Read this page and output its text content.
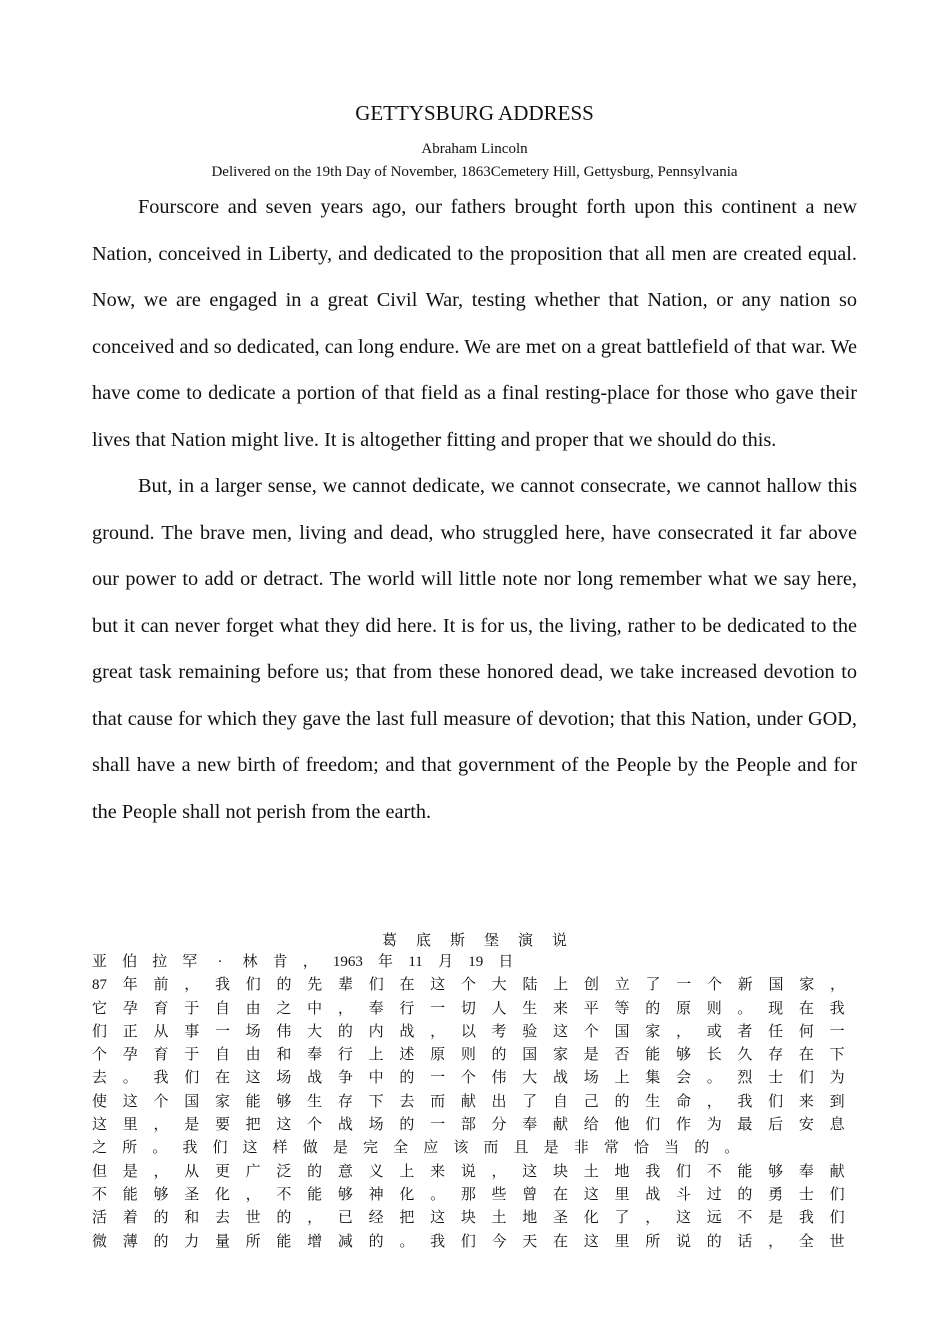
GETTYSBURG ADDRESS
Abraham Lincoln
Delivered on the 19th Day of November, 1863Cemetery Hill, Gettysburg, Pennsylvania

Fourscore and seven years ago, our fathers brought forth upon this continent a new Nation, conceived in Liberty, and dedicated to the proposition that all men are created equal. Now, we are engaged in a great Civil War, testing whether that Nation, or any nation so conceived and so dedicated, can long endure. We are met on a great battlefield of that war. We have come to dedicate a portion of that field as a final resting-place for those who gave their lives that Nation might live. It is altogether fitting and proper that we should do this.

But, in a larger sense, we cannot dedicate, we cannot consecrate, we cannot hallow this ground. The brave men, living and dead, who struggled here, have consecrated it far above our power to add or detract. The world will little note nor long remember what we say here, but it can never forget what they did here. It is for us, the living, rather to be dedicated to the great task remaining before us; that from these honored dead, we take increased devotion to that cause for which they gave the last full measure of devotion; that this Nation, under GOD, shall have a new birth of freedom; and that government of the People by the People and for the People shall not perish from the earth.

葛 底 斯 堡 演 说
亚 伯 拉 罕	·	林 肯 ， 1963 年 11 月 19 日
87 年 前 ， 我 们 的 先 辈 们 在 这 个 大 陆 上 创 立 了 一 个 新 国 家 ，
它 孕 育 于 自 由 之 中 ， 奉 行 一 切 人 生 来 平 等 的 原 则 。 现 在 我
们 正 从 事 一 场 伟 大 的 内 战 ， 以 考 验 这 个 国 家 ， 或 者 任 何 一
个 孕 育 于 自 由 和 奉 行 上 述 原 则 的 国 家 是 否 能 够 长 久 存 在 下
去 。 我 们 在 这 场 战 争 中 的 一 个 伟 大 战 场 上 集 会 。 烈 士 们 为
使 这 个 国 家 能 够 生 存 下 去 而 献 出 了 自 己 的 生 命 ， 我 们 来 到
这 里 ， 是 要 把 这 个 战 场 的 一 部 分 奉 献 给 他 们 作 为 最 后 安 息
之 所 。 我 们 这 样 做 是 完 全 应 该 而 且 是 非 常 恰 当 的 。
但 是 ， 从 更 广 泛 的 意 义 上 来 说 ， 这 块 土 地 我 们 不 能 够 奉 献
不 能 够 圣 化 ， 不 能 够 神 化 。 那 些 曾 在 这 里 战 斗 过 的 勇 士 们
活 着 的 和 去 世 的 ， 已 经 把 这 块 土 地 圣 化 了 ， 这 远 不 是 我 们
微 薄 的 力 量 所 能 增 减 的 。 我 们 今 天 在 这 里 所 说 的 话 ， 全 世
